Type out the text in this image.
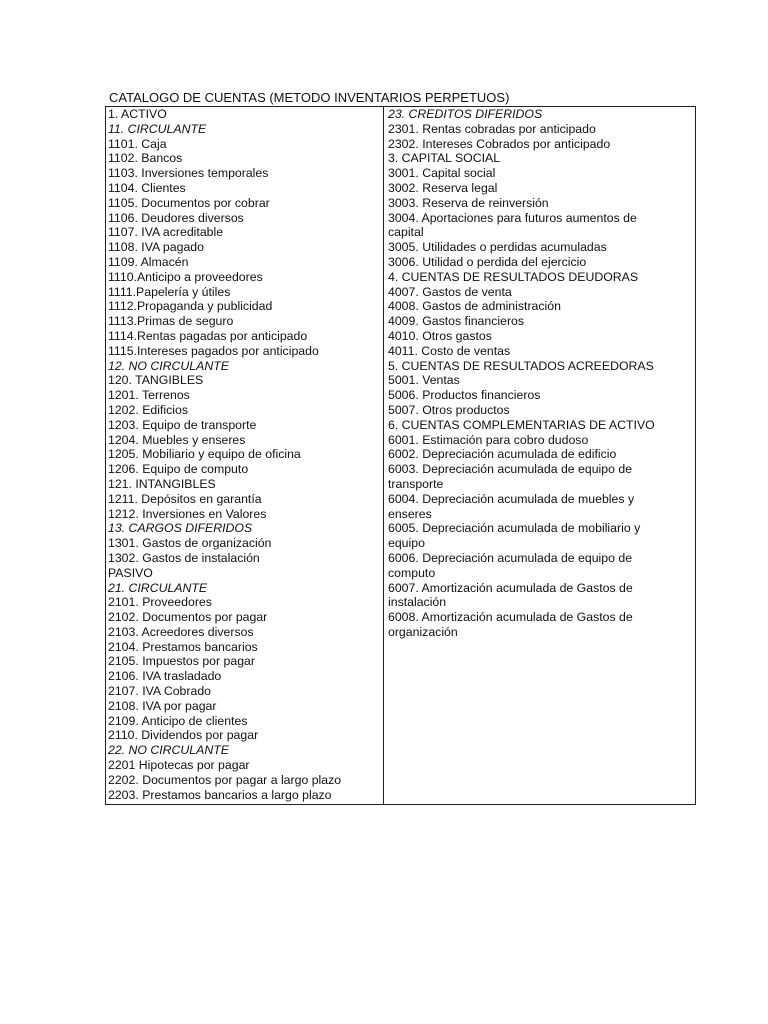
CATALOGO DE CUENTAS (METODO INVENTARIOS PERPETUOS)
1. ACTIVO
11. CIRCULANTE
1101. Caja
1102. Bancos
1103. Inversiones temporales
1104. Clientes
1105. Documentos por cobrar
1106. Deudores diversos
1107. IVA acreditable
1108. IVA pagado
1109. Almacén
1110.Anticipo a proveedores
1111.Papelería y útiles
1112.Propaganda y publicidad
1113.Primas de seguro
1114.Rentas pagadas por anticipado
1115.Intereses pagados por anticipado
12. NO CIRCULANTE
120. TANGIBLES
1201. Terrenos
1202. Edificios
1203. Equipo de transporte
1204. Muebles y enseres
1205. Mobiliario y equipo de oficina
1206. Equipo de computo
121. INTANGIBLES
1211. Depósitos en garantía
1212. Inversiones en Valores
13. CARGOS DIFERIDOS
1301. Gastos de organización
1302. Gastos de instalación
PASIVO
21. CIRCULANTE
2101. Proveedores
2102. Documentos por pagar
2103. Acreedores diversos
2104. Prestamos bancarios
2105. Impuestos por pagar
2106. IVA trasladado
2107. IVA Cobrado
2108. IVA por pagar
2109. Anticipo de clientes
2110. Dividendos por pagar
22. NO CIRCULANTE
2201 Hipotecas por pagar
2202. Documentos por pagar a largo plazo
2203. Prestamos bancarios a largo plazo
23. CREDITOS DIFERIDOS
2301. Rentas cobradas por anticipado
2302. Intereses Cobrados por anticipado
3. CAPITAL SOCIAL
3001. Capital social
3002. Reserva legal
3003. Reserva de reinversión
3004. Aportaciones para futuros aumentos de
capital
3005. Utilidades o perdidas acumuladas
3006. Utilidad o perdida del ejercicio
4. CUENTAS DE RESULTADOS DEUDORAS
4007. Gastos de venta
4008. Gastos de administración
4009. Gastos financieros
4010. Otros gastos
4011. Costo de ventas
5. CUENTAS DE RESULTADOS ACREEDORAS
5001. Ventas
5006. Productos financieros
5007. Otros productos
6. CUENTAS COMPLEMENTARIAS DE ACTIVO
6001. Estimación para cobro dudoso
6002. Depreciación acumulada de edificio
6003. Depreciación acumulada de equipo de
transporte
6004. Depreciación acumulada de muebles y
enseres
6005. Depreciación acumulada de mobiliario y
equipo
6006. Depreciación acumulada de equipo de
computo
6007. Amortización acumulada de Gastos de
instalación
6008. Amortización acumulada de Gastos de
organización
